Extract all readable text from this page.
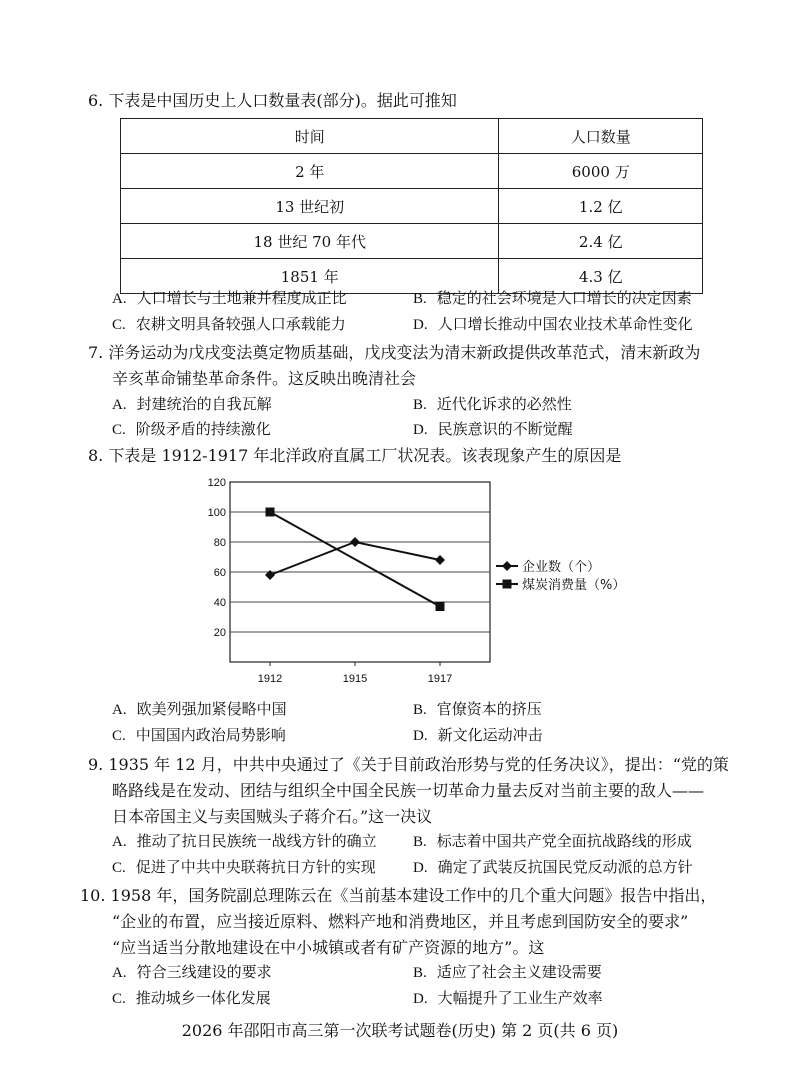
6. 下表是中国历史上人口数量表(部分)。据此可推知
时间	人口数量
2 年	6000 万
13 世纪初	1.2 亿
18 世纪 70 年代	2.4 亿
1851 年	4.3 亿
A. 人口增长与土地兼并程度成正比	B. 稳定的社会环境是人口增长的决定因素
C. 农耕文明具备较强人口承载能力	D. 人口增长推动中国农业技术革命性变化
7. 洋务运动为戊戌变法奠定物质基础，戊戌变法为清末新政提供改革范式，清末新政为
辛亥革命铺垫革命条件。这反映出晚清社会
A. 封建统治的自我瓦解	B. 近代化诉求的必然性
C. 阶级矛盾的持续激化	D. 民族意识的不断觉醒
8. 下表是 1912-1917 年北洋政府直属工厂状况表。该表现象产生的原因是
120
100
80
60
40
20
1912	1915	1917
企业数（个）
煤炭消费量（%）
A. 欧美列强加紧侵略中国	B. 官僚资本的挤压
C. 中国国内政治局势影响	D. 新文化运动冲击
9. 1935 年 12 月，中共中央通过了《关于目前政治形势与党的任务决议》，提出：“党的策
略路线是在发动、团结与组织全中国全民族一切革命力量去反对当前主要的敌人——
日本帝国主义与卖国贼头子蒋介石。”这一决议
A. 推动了抗日民族统一战线方针的确立 B. 标志着中国共产党全面抗战路线的形成
C. 促进了中共中央联蒋抗日方针的实现 D. 确定了武装反抗国民党反动派的总方针
10. 1958 年，国务院副总理陈云在《当前基本建设工作中的几个重大问题》报告中指出，
“企业的布置，应当接近原料、燃料产地和消费地区，并且考虑到国防安全的要求”
“应当适当分散地建设在中小城镇或者有矿产资源的地方”。这
A. 符合三线建设的要求	B. 适应了社会主义建设需要
C. 推动城乡一体化发展	D. 大幅提升了工业生产效率
2026 年邵阳市高三第一次联考试题卷(历史) 第 2 页(共 6 页)
